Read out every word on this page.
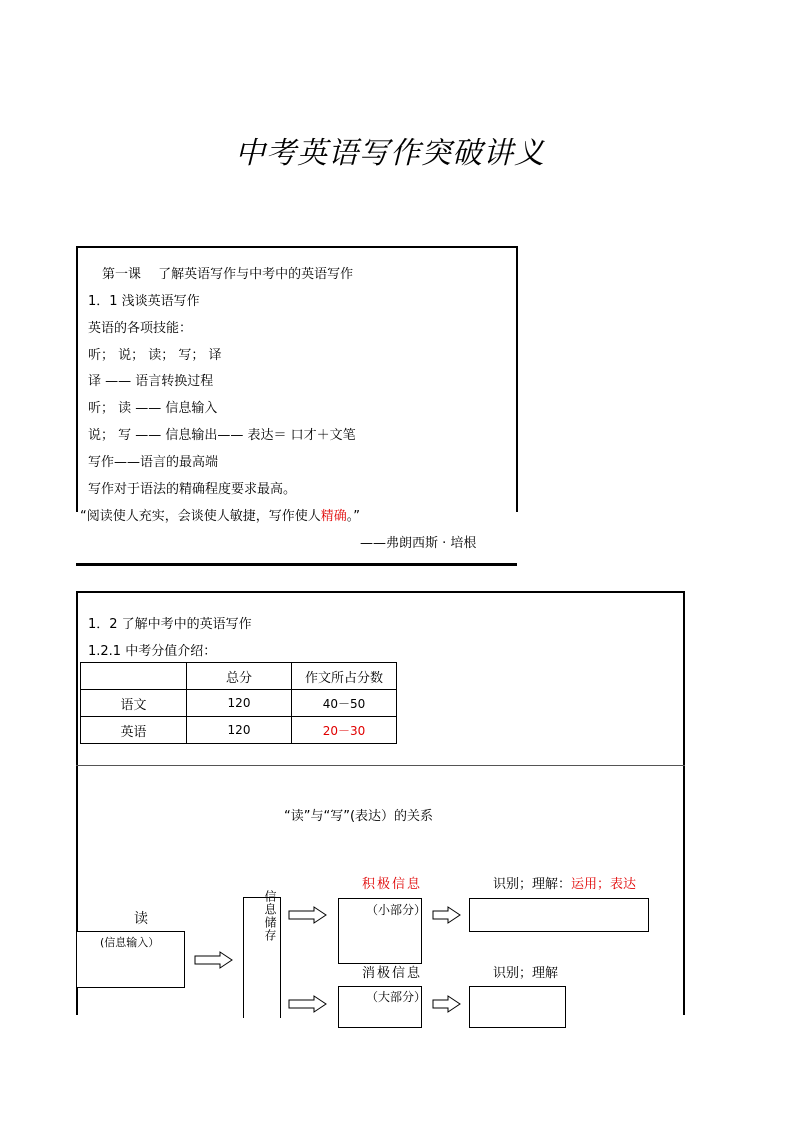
中考英语写作突破讲义
第一课　 了解英语写作与中考中的英语写作
1．1 浅谈英语写作
英语的各项技能：
听； 说； 读； 写； 译
译 —— 语言转换过程
听； 读 —— 信息输入
说； 写 —— 信息输出—— 表达＝ 口才＋文笔
写作——语言的最高端
写作对于语法的精确程度要求最高。
“阅读使人充实，会谈使人敏捷，写作使人精确。”
——弗朗西斯 · 培根
1．2 了解中考中的英语写作
1.2.1 中考分值介绍：
	总分	作文所占分数
语文	120	40－50
英语	120	20－30
“读”与“写”(表达）的关系
读
(信息输入）
信息储存
积极信息
（小部分）
消极信息
（大部分）
识别；理解：运用；表达
识别；理解
